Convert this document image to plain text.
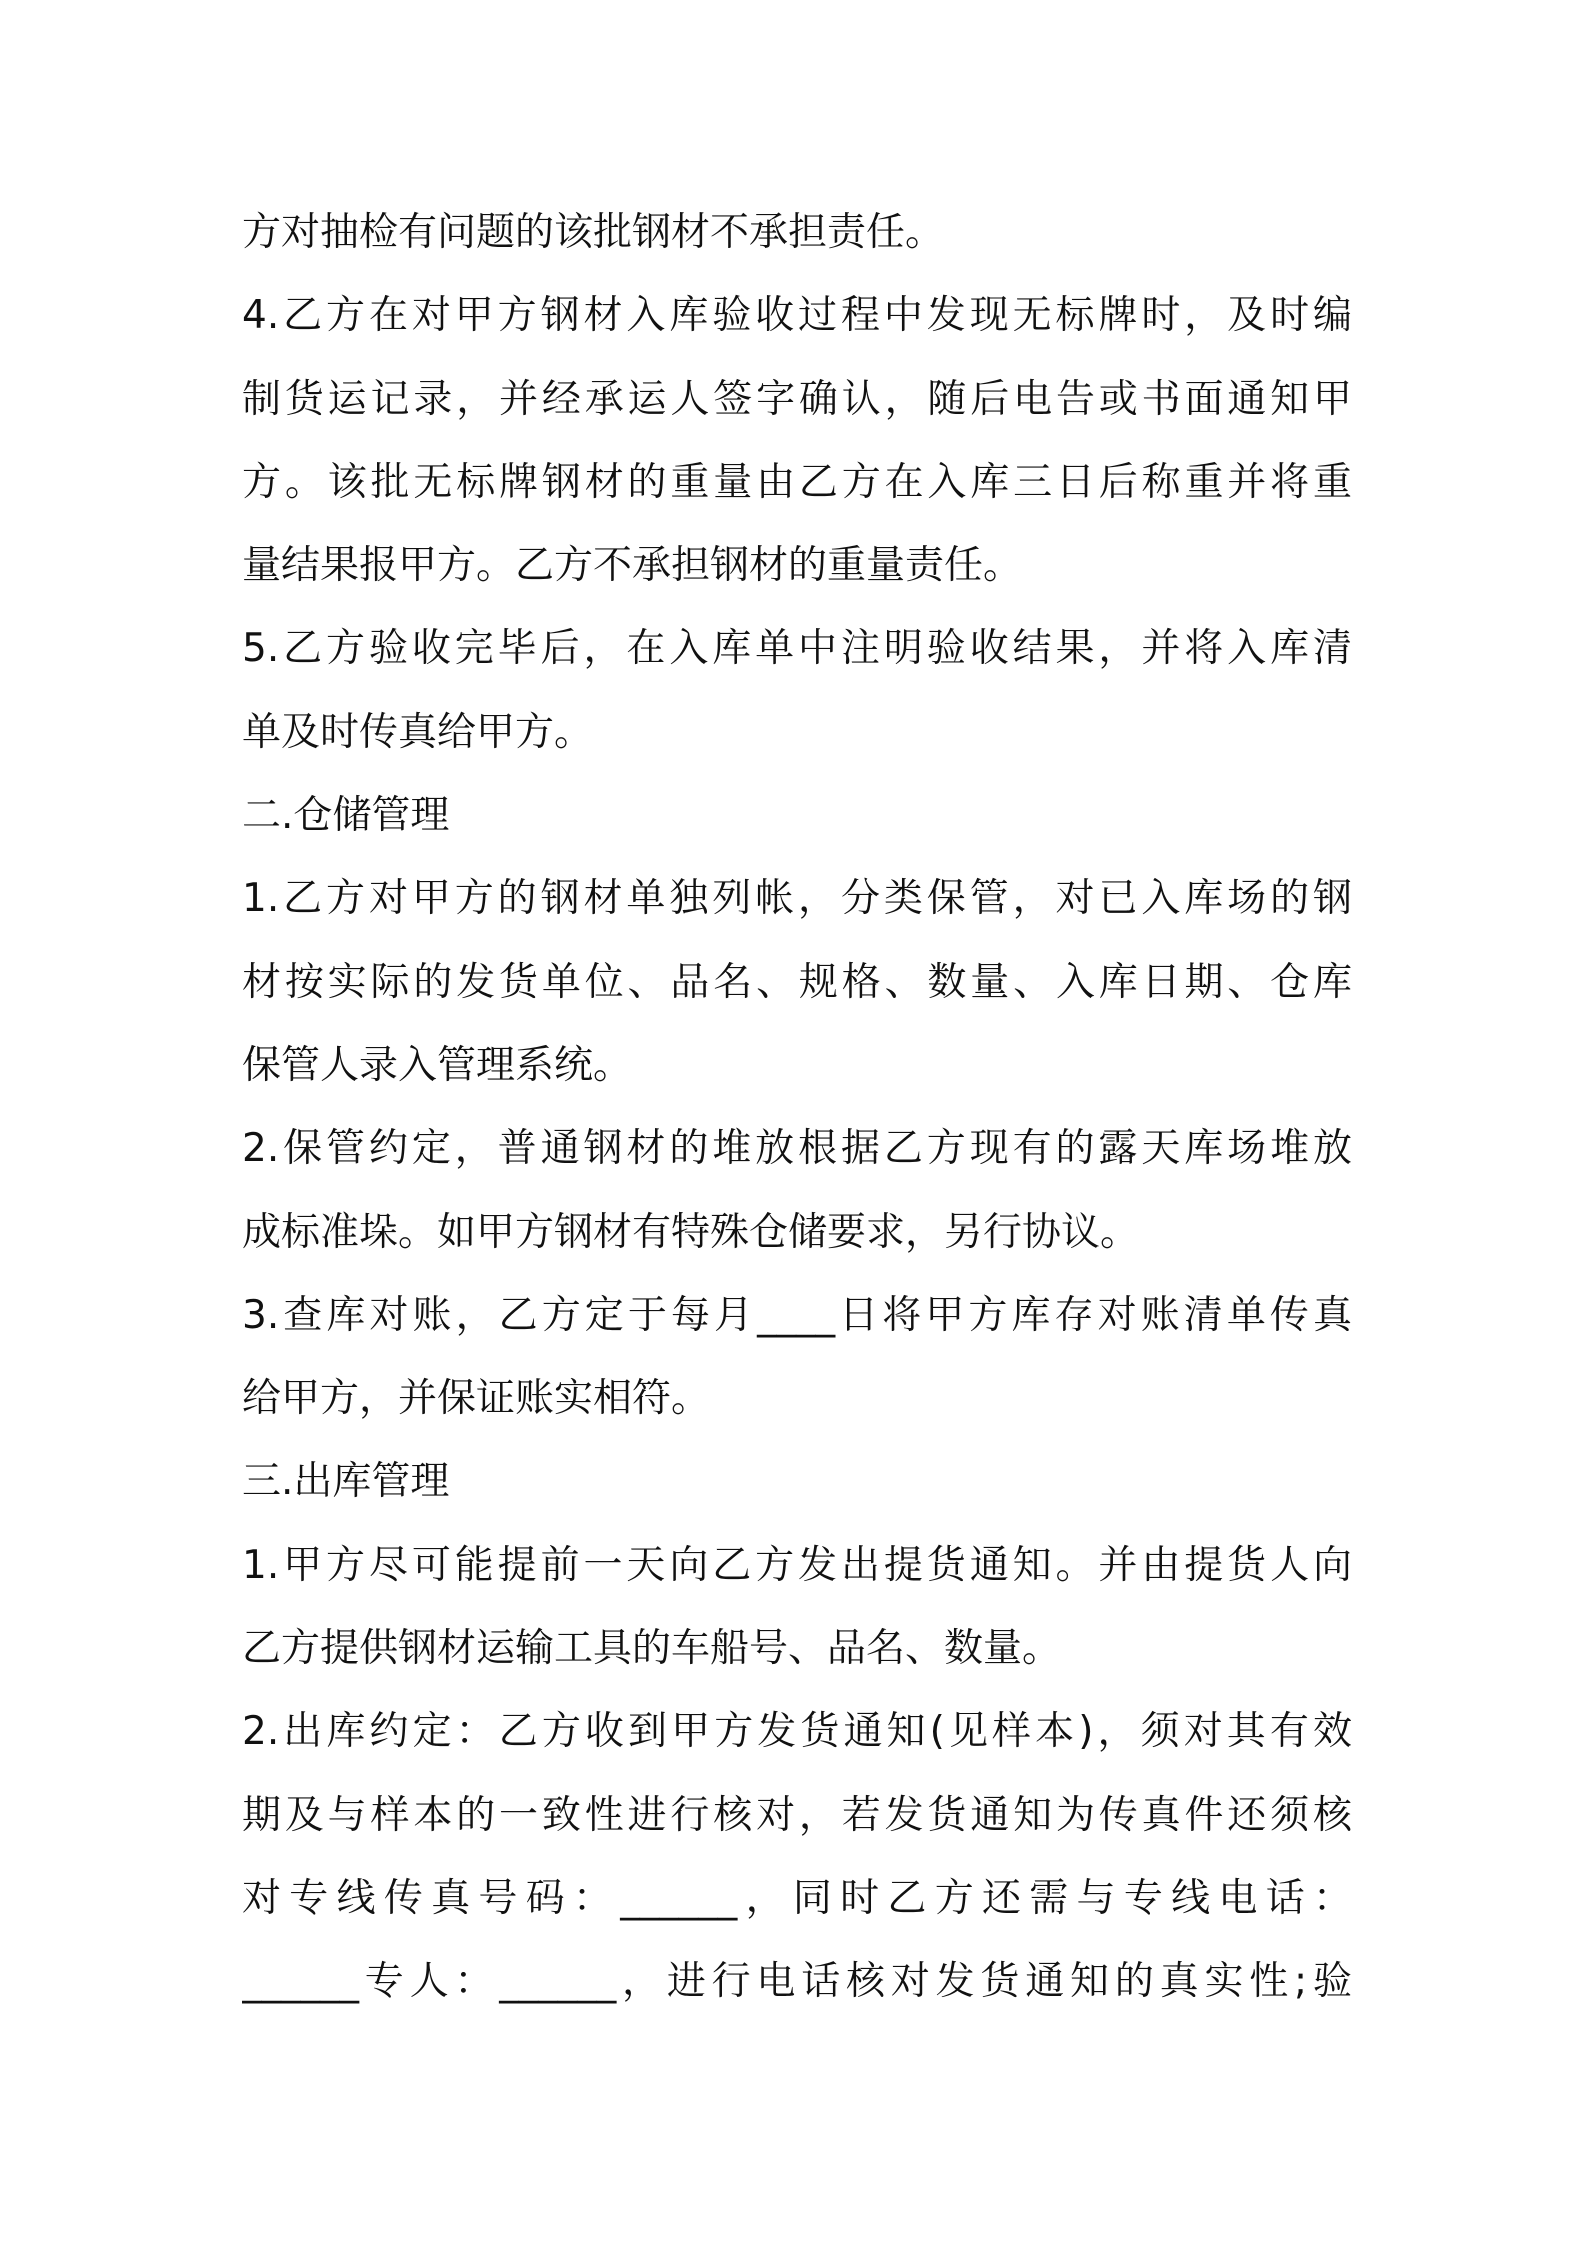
方对抽检有问题的该批钢材不承担责任。
4.乙方在对甲方钢材入库验收过程中发现无标牌时，及时编
制货运记录，并经承运人签字确认，随后电告或书面通知甲
方。该批无标牌钢材的重量由乙方在入库三日后称重并将重
量结果报甲方。乙方不承担钢材的重量责任。
5.乙方验收完毕后，在入库单中注明验收结果，并将入库清
单及时传真给甲方。
二.仓储管理
1.乙方对甲方的钢材单独列帐，分类保管，对已入库场的钢
材按实际的发货单位、品名、规格、数量、入库日期、仓库
保管人录入管理系统。
2.保管约定，普通钢材的堆放根据乙方现有的露天库场堆放
成标准垛。如甲方钢材有特殊仓储要求，另行协议。
3.查库对账，乙方定于每月____日将甲方库存对账清单传真
给甲方，并保证账实相符。
三.出库管理
1.甲方尽可能提前一天向乙方发出提货通知。并由提货人向
乙方提供钢材运输工具的车船号、品名、数量。
2.出库约定：乙方收到甲方发货通知(见样本)，须对其有效
期及与样本的一致性进行核对，若发货通知为传真件还须核
对专线传真号码：______，同时乙方还需与专线电话：
______专人：______，进行电话核对发货通知的真实性;验
